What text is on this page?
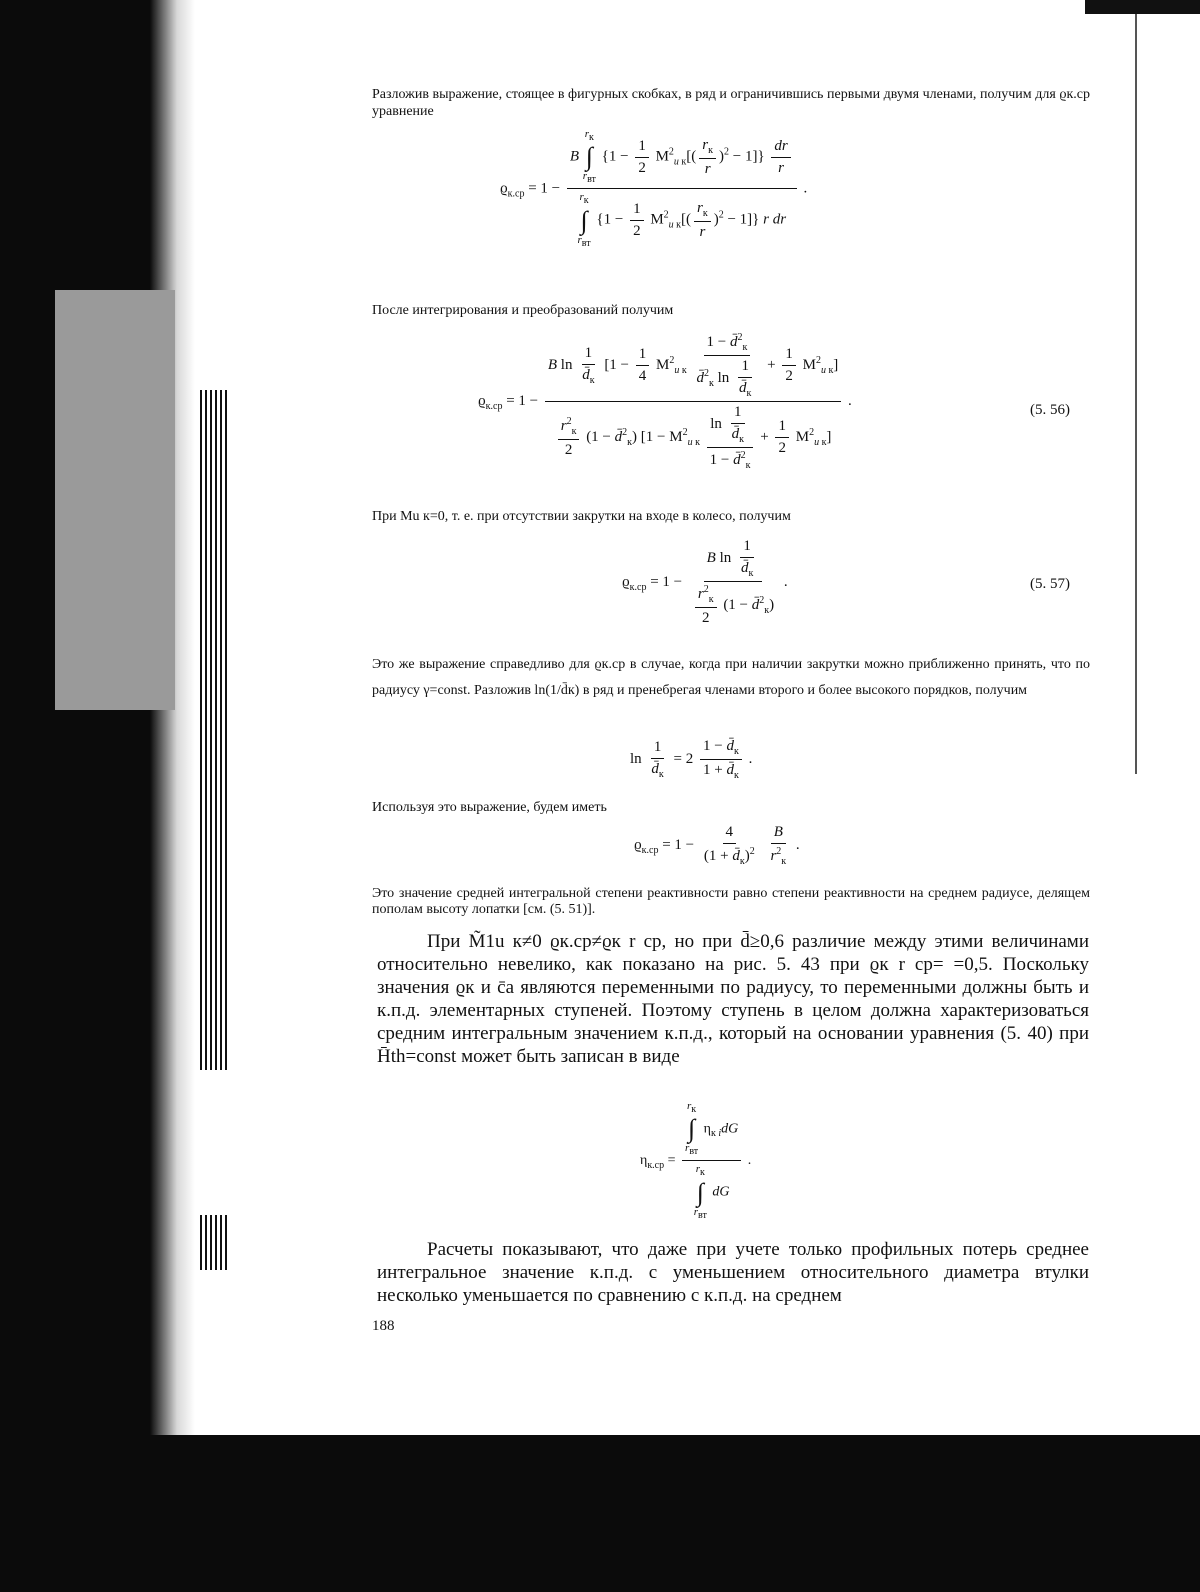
Разложив выражение, стоящее в фигурных скобках, в ряд и ограничившись первыми двумя членами, получим для ϱк.ср уравнение

$ϱ_{к.ср} = 1 - B$
$r_к$
∫
$r_{вт}$
$\{1 - \frac{1}{2} M^2_{u к}[( \frac{r_к}{r} )^2 - 1]\} \frac{dr}{r}$
$r_к$
∫
$r_{вт}$
$\{1 - \frac{1}{2} M^2_{u к}[( \frac{r_к}{r} )^2 - 1]\}$ r dr .

После интегрирования и преобразований получим

$ϱ_{к.ср} = 1$ −
B $\ln \frac{1}{d̄_к} [1 - \frac{1}{4} M^2_{u к} \frac{1 - d̄^2_к}{d̄^2_к \ln \frac{1}{d̄_к}} + \frac{1}{2} M^2_{u к}]$
$\frac{r^2_к}{2} (1$ − d̄$^2_к$) $[1 - M^2_{u к} \frac{\ln \frac{1}{d̄_к}}{1 - d̄^2_к} + \frac{1}{2} M^2_{u к}]$
.
(5. 56)

При Mu к=0, т. е. при отсутствии закрутки на входе в колесо, получим

$ϱ_{к.ср} = 1 - \frac{B \ln \frac{1}{d̄_к}}{\frac{r^2_к}{2} (1 - d̄^2_к)}$ .	(5. 57)

Это же выражение справедливо для ϱк.ср в случае, когда при наличии закрутки можно приближенно принять, что по радиусу γ=const. Разложив ln(1/d̄к) в ряд и пренебрегая членами второго и более высокого порядков, получим

$\ln \frac{1}{d̄_к} = 2 \frac{1 - d̄_к}{1 + d̄_к}$ .

Используя это выражение, будем иметь

$ϱ_{к.ср} = 1 - \frac{4}{(1 + d̄_к)^2}$
$\frac{B}{r^2_к}$ .

Это значение средней интегральной степени реактивности равно степени реактивности на среднем радиусе, делящем пополам высоту лопатки [см. (5. 51)].

При M̃1u к≠0 ϱк.ср≠ϱк r ср, но при d̄≥0,6 различие между этими величинами относительно невелико, как показано на рис. 5. 43 при ϱк r ср= =0,5. Поскольку значения ϱк и c̄a являются переменными по радиусу, то переменными должны быть и к.п.д. элементарных ступеней. Поэтому ступень в целом должна характеризоваться средним интегральным значением к.п.д., который на основании уравнения (5. 40) при H̄th=const может быть записан в виде

$\eta_{к.ср} = r_к$
∫
$r_{вт}$
$\eta_{к i}dG$
$r_к$
∫
$r_{вт}$
dG .

Расчеты показывают, что даже при учете только профильных потерь среднее интегральное значение к.п.д. с уменьшением относительного диаметра втулки несколько уменьшается по сравнению с к.п.д. на среднем

188
